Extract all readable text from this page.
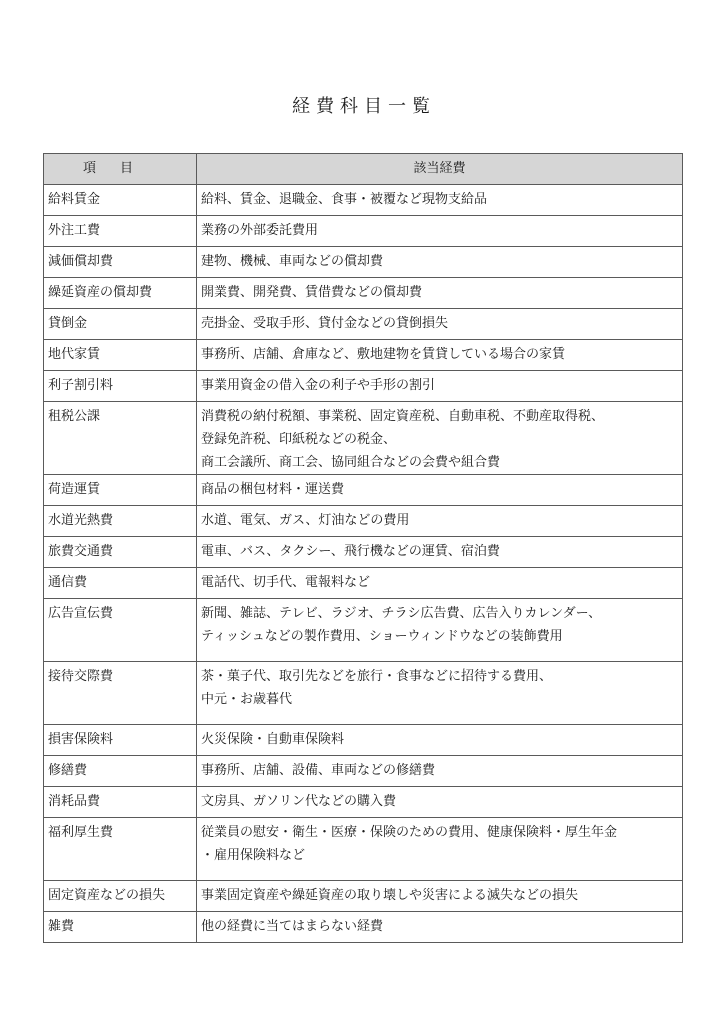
経費科目一覧
項目	該当経費
給料賃金	給料、賃金、退職金、食事・被覆など現物支給品
外注工費	業務の外部委託費用
減価償却費	建物、機械、車両などの償却費
繰延資産の償却費	開業費、開発費、賃借費などの償却費
貸倒金	売掛金、受取手形、貸付金などの貸倒損失
地代家賃	事務所、店舗、倉庫など、敷地建物を賃貸している場合の家賃
利子割引料	事業用資金の借入金の利子や手形の割引
租税公課	消費税の納付税額、事業税、固定資産税、自動車税、不動産取得税、
登録免許税、印紙税などの税金、
商工会議所、商工会、協同組合などの会費や組合費
荷造運賃	商品の梱包材料・運送費
水道光熱費	水道、電気、ガス、灯油などの費用
旅費交通費	電車、バス、タクシー、飛行機などの運賃、宿泊費
通信費	電話代、切手代、電報料など
広告宣伝費	新聞、雑誌、テレビ、ラジオ、チラシ広告費、広告入りカレンダー、
ティッシュなどの製作費用、ショーウィンドウなどの装飾費用
接待交際費	茶・菓子代、取引先などを旅行・食事などに招待する費用、
中元・お歳暮代
損害保険料	火災保険・自動車保険料
修繕費	事務所、店舗、設備、車両などの修繕費
消耗品費	文房具、ガソリン代などの購入費
福利厚生費	従業員の慰安・衛生・医療・保険のための費用、健康保険料・厚生年金
・雇用保険料など
固定資産などの損失	事業固定資産や繰延資産の取り壊しや災害による滅失などの損失
雑費	他の経費に当てはまらない経費
